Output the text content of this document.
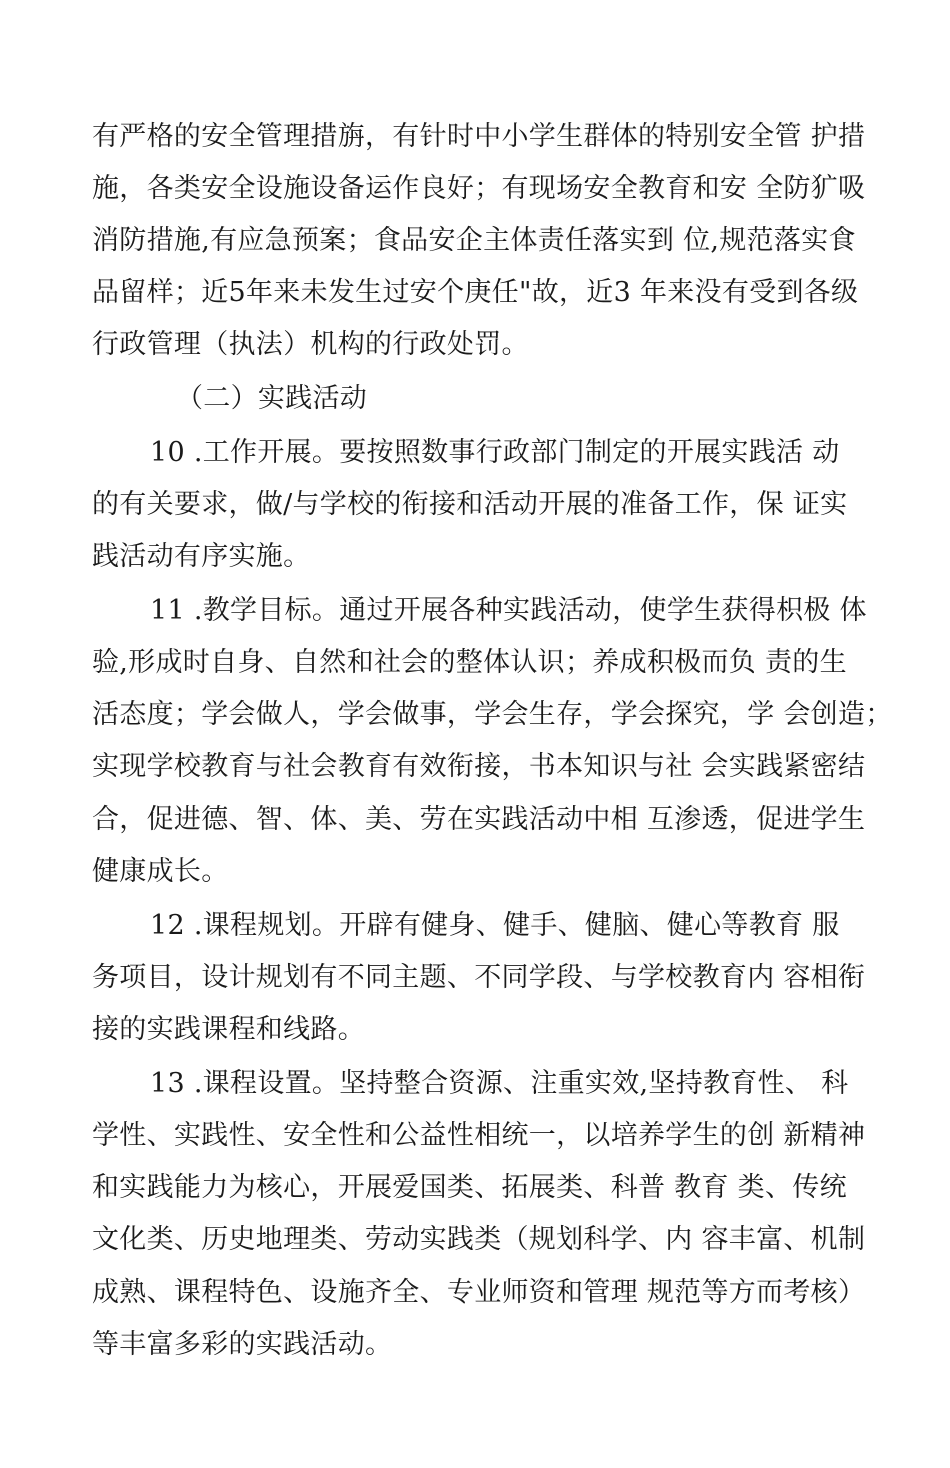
有严格的安全管理措旃，有针时中小学生群体的特别安全管 护措
施，各类安全设施设备运作良好；有现场安全教育和安 全防犷吸
消防措施,有应急预案；食品安企主体责任落实到 位,规范落实食
品留样；近5年来未发生过安个庚任"故，近3 年来没有受到各级
行政管理（执法）机构的行政处罚。
（二）实践活动
10 .工作开展。要按照数事行政部门制定的开展实践活 动
的有关要求，做/与学校的衔接和活动开展的准备工作，保 证实
践活动有序实施。
11 .教学目标。通过开展各种实践活动，使学生获得枳极 体
验,形成时自身、自然和社会的整体认识；养成积极而负 责的生
活态度；学会做人，学会做事，学会生存，学会探究，学 会创造；
实现学校教育与社会教育有效衔接，书本知识与社 会实践紧密结
合，促进德、智、体、美、劳在实践活动中相 互渗透，促进学生
健康成长。
12 .课程规划。开辟有健身、健手、健脑、健心等教育 服
务项目，设计规划有不同主题、不同学段、与学校教育内 容相衔
接的实践课程和线路。
13 .课程设置。坚持整合资源、注重实效,坚持教育性、 科
学性、实践性、安全性和公益性相统一，以培养学生的创 新精神
和实践能力为核心，开展爱国类、拓展类、科普 教育 类、传统
文化类、历史地理类、劳动实践类（规划科学、内 容丰富、机制
成熟、课程特色、设施齐全、专业师资和管理 规范等方而考核）
等丰富多彩的实践活动。
